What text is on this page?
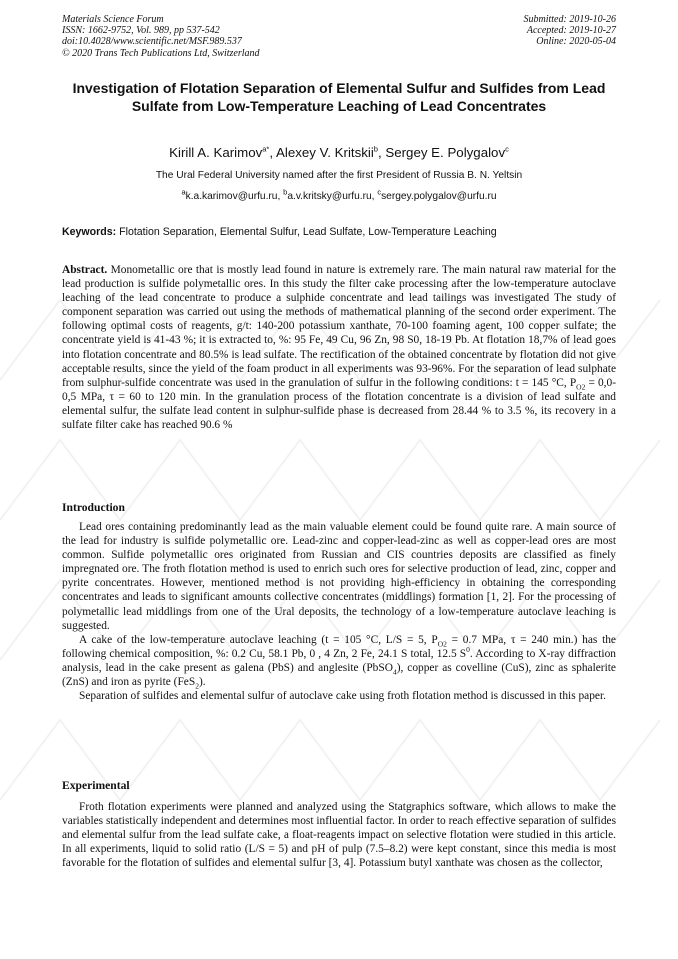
Materials Science Forum
ISSN: 1662-9752, Vol. 989, pp 537-542
doi:10.4028/www.scientific.net/MSF.989.537
© 2020 Trans Tech Publications Ltd, Switzerland
Submitted: 2019-10-26
Accepted: 2019-10-27
Online: 2020-05-04
Investigation of Flotation Separation of Elemental Sulfur and Sulfides from Lead Sulfate from Low-Temperature Leaching of Lead Concentrates
Kirill A. Karimov$^{a*}$, Alexey V. Kritskii$^b$, Sergey E. Polygalov$^c$
The Ural Federal University named after the first President of Russia B. N. Yeltsin
$^a$k.a.karimov@urfu.ru, $^b$a.v.kritsky@urfu.ru, $^c$sergey.polygalov@urfu.ru
Keywords: Flotation Separation, Elemental Sulfur, Lead Sulfate, Low-Temperature Leaching
Abstract. Monometallic ore that is mostly lead found in nature is extremely rare. The main natural raw material for the lead production is sulfide polymetallic ores. In this study the filter cake processing after the low-temperature autoclave leaching of the lead concentrate to produce a sulphide concentrate and lead tailings was investigated The study of component separation was carried out using the methods of mathematical planning of the second order experiment. The following optimal costs of reagents, g/t: 140-200 potassium xanthate, 70-100 foaming agent, 100 copper sulfate; the concentrate yield is 41-43 %; it is extracted to, %: 95 Fe, 49 Cu, 96 Zn, 98 S0, 18-19 Pb. At flotation 18,7% of lead goes into flotation concentrate and 80.5% is lead sulfate. The rectification of the obtained concentrate by flotation did not give acceptable results, since the yield of the foam product in all experiments was 93-96%. For the separation of lead sulphate from sulphur-sulfide concentrate was used in the granulation of sulfur in the following conditions: t = 145 °C, $P_{O2} = 0,0-0,5$ MPa, τ = 60 to 120 min. In the granulation process of the flotation concentrate is a division of lead sulfate and elemental sulfur, the sulfate lead content in sulphur-sulfide phase is decreased from 28.44 % to 3.5 %, its recovery in a sulfate filter cake has reached 90.6 %
Introduction

Lead ores containing predominantly lead as the main valuable element could be found quite rare. A main source of the lead for industry is sulfide polymetallic ore. Lead-zinc and copper-lead-zinc as well as copper-lead ores are most common. Sulfide polymetallic ores originated from Russian and CIS countries deposits are classified as finely impregnated ore. The froth flotation method is used to enrich such ores for selective production of lead, zinc, copper and pyrite concentrates. However, mentioned method is not providing high-efficiency in obtaining the corresponding concentrates and leads to significant amounts collective concentrates (middlings) formation [1, 2]. For the processing of polymetallic lead middlings from one of the Ural deposits, the technology of a low-temperature autoclave leaching is suggested.

A cake of the low-temperature autoclave leaching (t = 105 °C, L/S = 5, $P_{O2} = 0.7$ MPa, τ = 240 min.) has the following chemical composition, %: 0.2 Cu, 58.1 Pb, 0 , 4 Zn, 2 Fe, 24.1 S total, 12.5 $S^0$. According to X-ray diffraction analysis, lead in the cake present as galena (PbS) and anglesite (PbSO$_4$), copper as covelline (CuS), zinc as sphalerite (ZnS) and iron as pyrite (FeS$_2$).

Separation of sulfides and elemental sulfur of autoclave cake using froth flotation method is discussed in this paper.

Experimental

Froth flotation experiments were planned and analyzed using the Statgraphics software, which allows to make the variables statistically independent and determines most influential factor. In order to reach effective separation of sulfides and elemental sulfur from the lead sulfate cake, a float-reagents impact on selective flotation were studied in this article. In all experiments, liquid to solid ratio (L/S = 5) and pH of pulp (7.5–8.2) were kept constant, since this media is most favorable for the flotation of sulfides and elemental sulfur [3, 4]. Potassium butyl xanthate was chosen as the collector,
